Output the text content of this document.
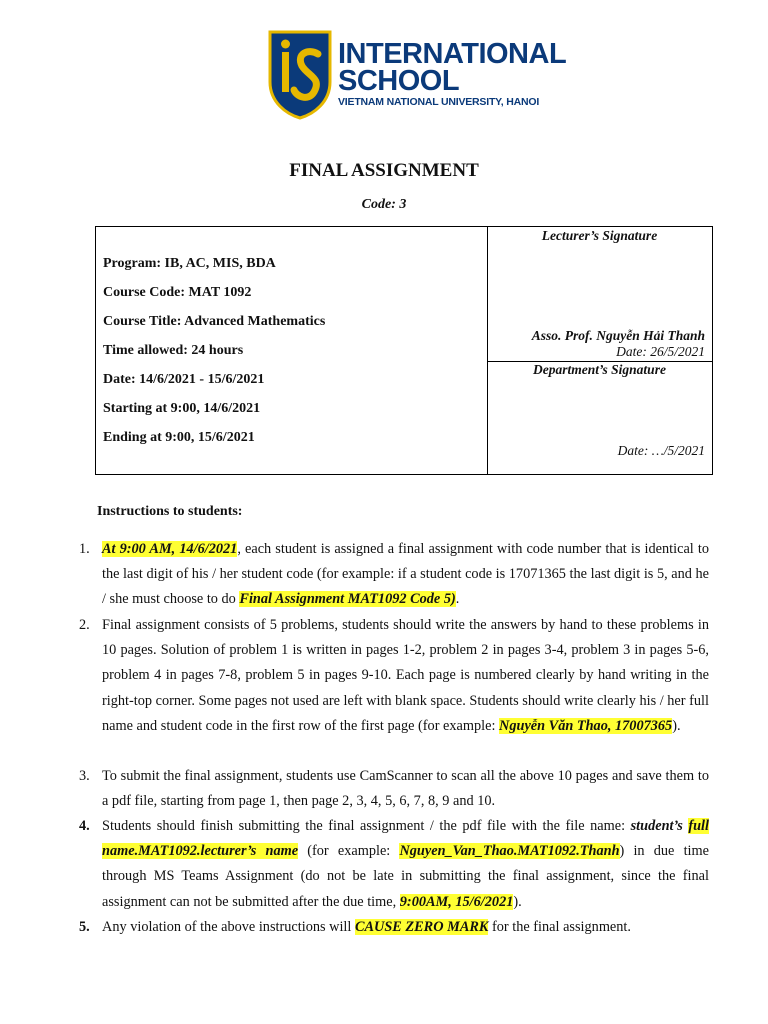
INTERNATIONAL
SCHOOL
VIETNAM NATIONAL UNIVERSITY, HANOI
FINAL ASSIGNMENT
Code: 3
Program: IB, AC, MIS, BDA
Course Code: MAT 1092
Course Title: Advanced Mathematics
Time allowed: 24 hours
Date: 14/6/2021 - 15/6/2021
Starting at 9:00, 14/6/2021
Ending at 9:00, 15/6/2021
Lecturer’s Signature
Asso. Prof. Nguyễn Hải Thanh
Date: 26/5/2021
Department’s Signature
Date: …/5/2021
Instructions to students:
1. At 9:00 AM, 14/6/2021, each student is assigned a final assignment with code number that is identical to the last digit of his / her student code (for example: if a student code is 17071365 the last digit is 5, and he / she must choose to do Final Assignment MAT1092 Code 5).
2. Final assignment consists of 5 problems, students should write the answers by hand to these problems in 10 pages. Solution of problem 1 is written in pages 1-2, problem 2 in pages 3-4, problem 3 in pages 5-6, problem 4 in pages 7-8, problem 5 in pages 9-10. Each page is numbered clearly by hand writing in the right-top corner. Some pages not used are left with blank space. Students should write clearly his / her full name and student code in the first row of the first page (for example: Nguyễn Văn Thao, 17007365).
3. To submit the final assignment, students use CamScanner to scan all the above 10 pages and save them to a pdf file, starting from page 1, then page 2, 3, 4, 5, 6, 7, 8, 9 and 10.
4. Students should finish submitting the final assignment / the pdf file with the file name: student’s full name.MAT1092.lecturer’s name (for example: Nguyen_Van_Thao.MAT1092.Thanh) in due time through MS Teams Assignment (do not be late in submitting the final assignment, since the final assignment can not be submitted after the due time, 9:00AM, 15/6/2021).
5. Any violation of the above instructions will CAUSE ZERO MARK for the final assignment.
